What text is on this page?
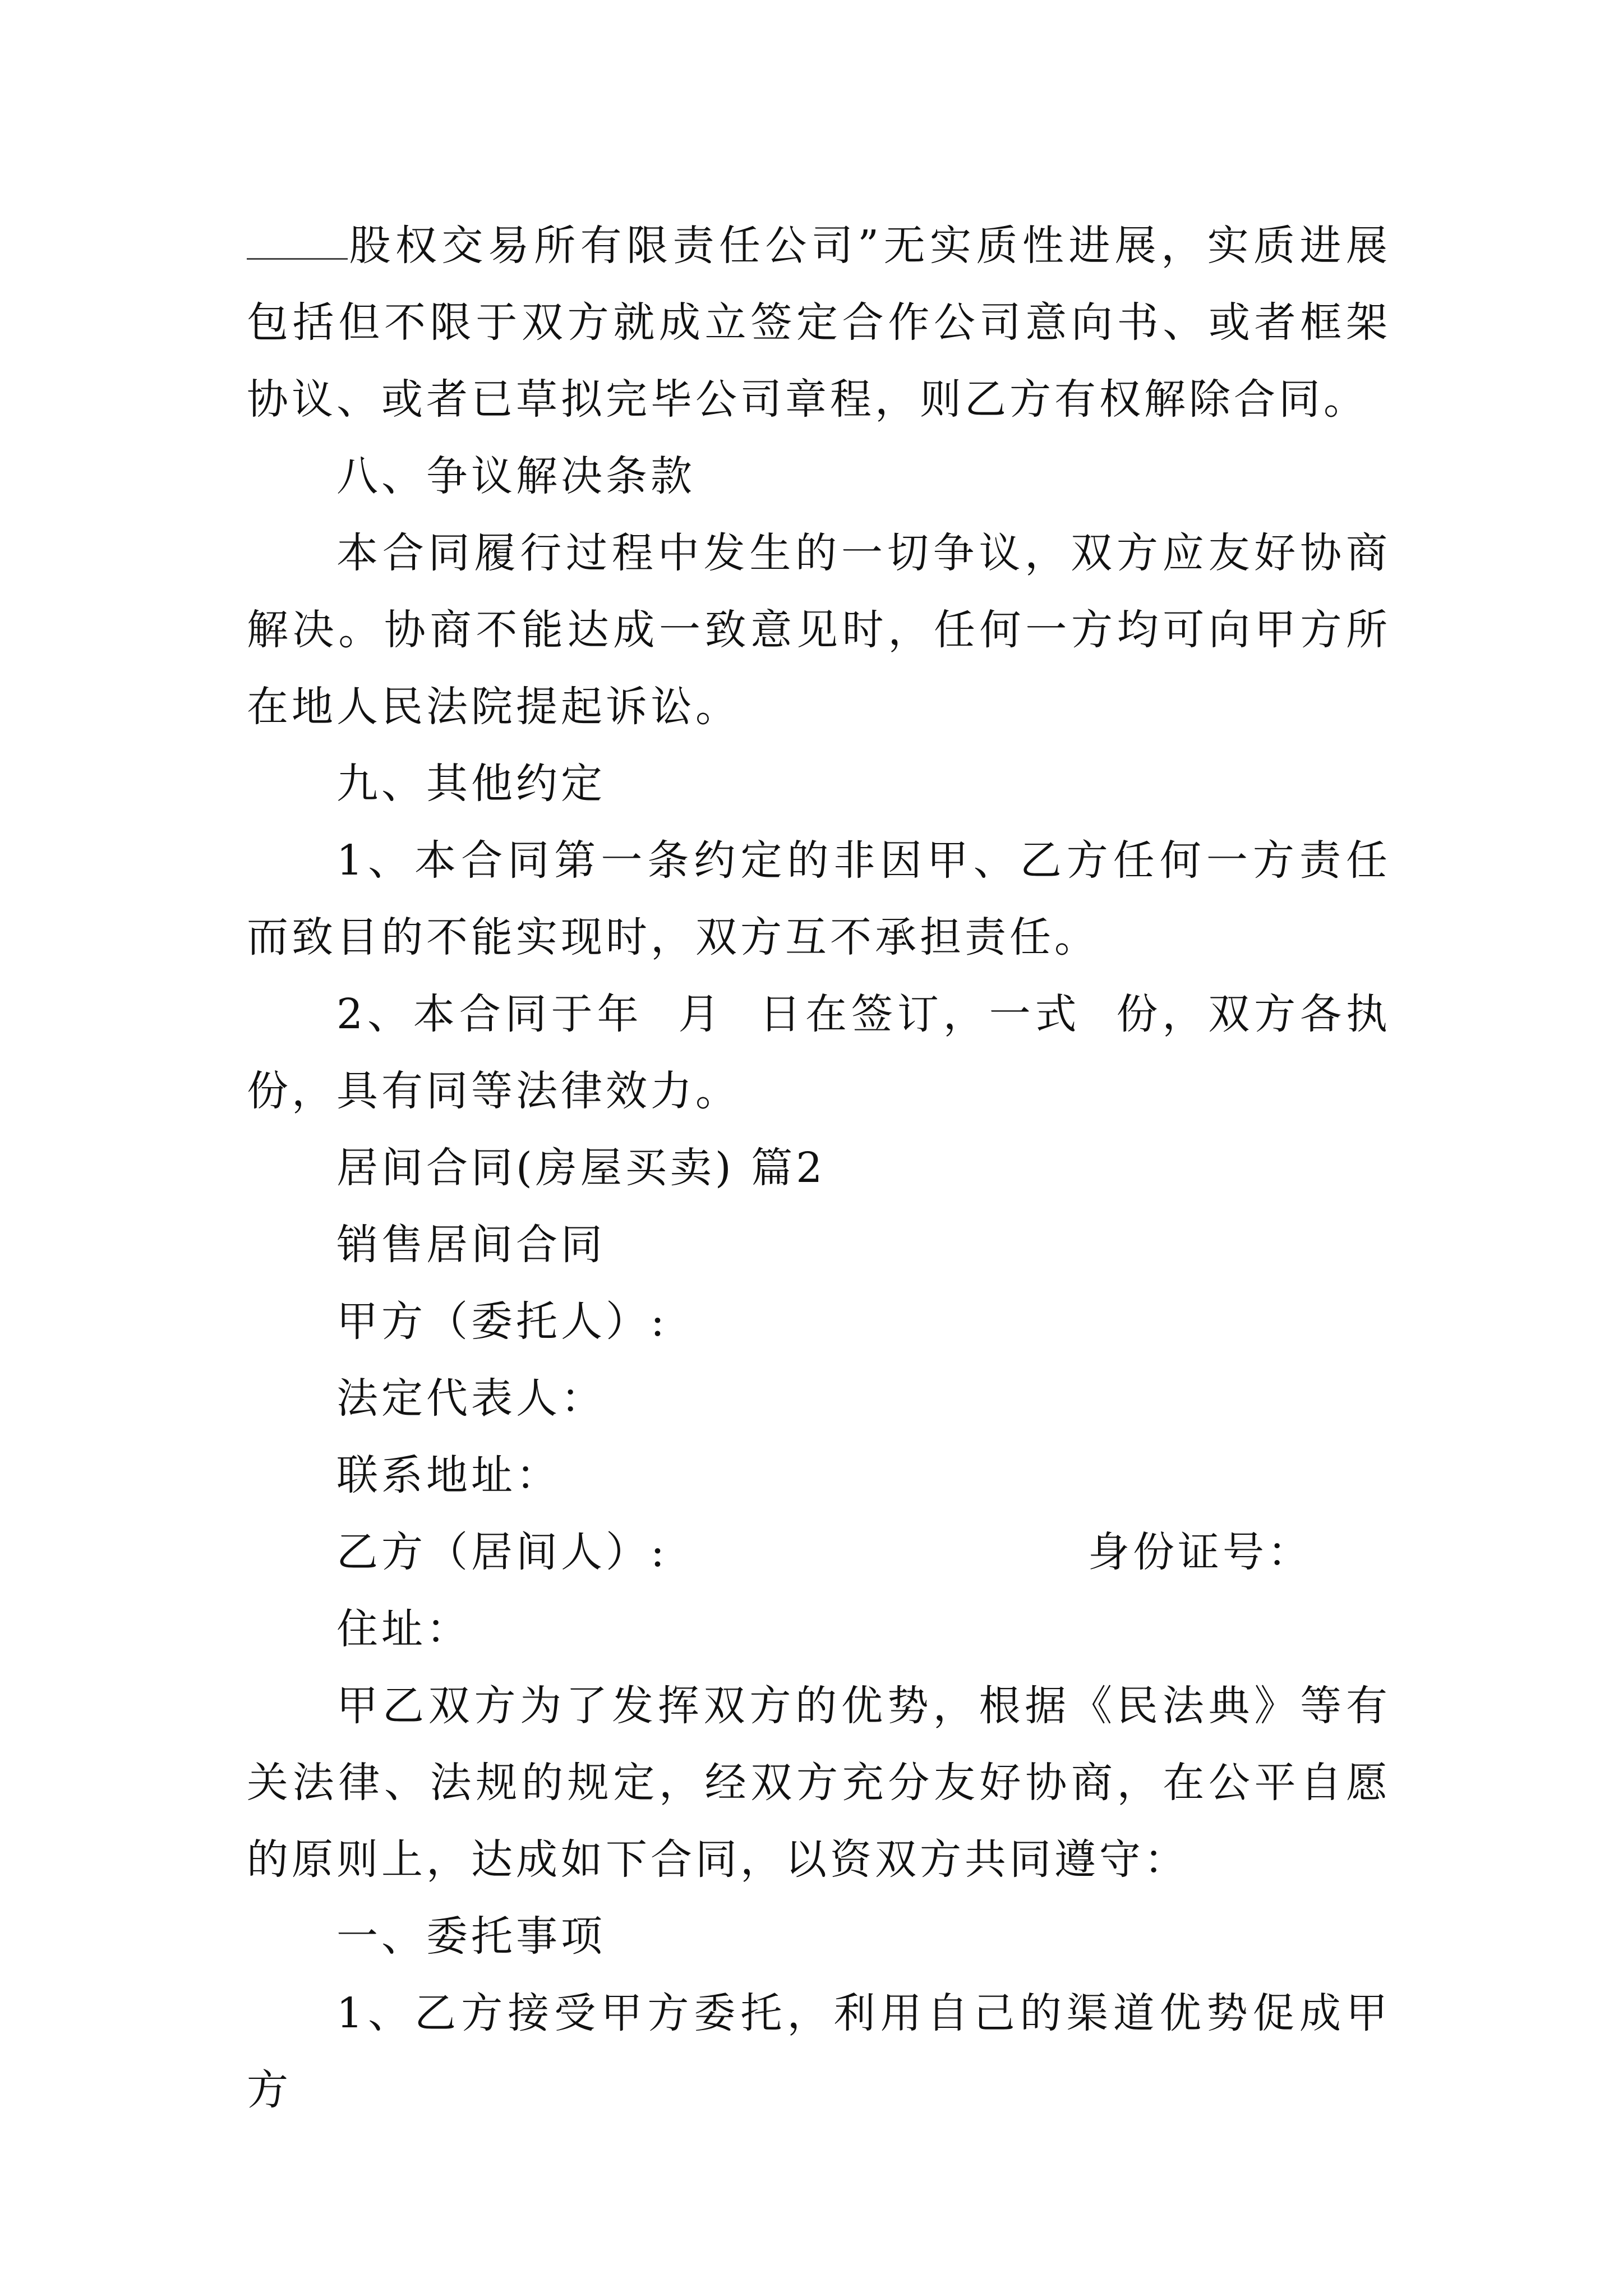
股权交易所有限责任公司”无实质性进展，实质进展包括但不限于双方就成立签定合作公司意向书、或者框架协议、或者已草拟完毕公司章程，则乙方有权解除合同。

八、争议解决条款

本合同履行过程中发生的一切争议，双方应友好协商解决。协商不能达成一致意见时，任何一方均可向甲方所在地人民法院提起诉讼。

九、其他约定

1、本合同第一条约定的非因甲、乙方任何一方责任而致目的不能实现时，双方互不承担责任。

2、本合同于年  月  日在签订，一式  份，双方各执  份，具有同等法律效力。

居间合同(房屋买卖) 篇2

销售居间合同

甲方（委托人）:

法定代表人：

联系地址：

乙方（居间人）:	身份证号：

住址：

甲乙双方为了发挥双方的优势，根据《民法典》等有关法律、法规的规定，经双方充分友好协商，在公平自愿的原则上，达成如下合同，以资双方共同遵守：

一、委托事项

1、乙方接受甲方委托，利用自己的渠道优势促成甲方
